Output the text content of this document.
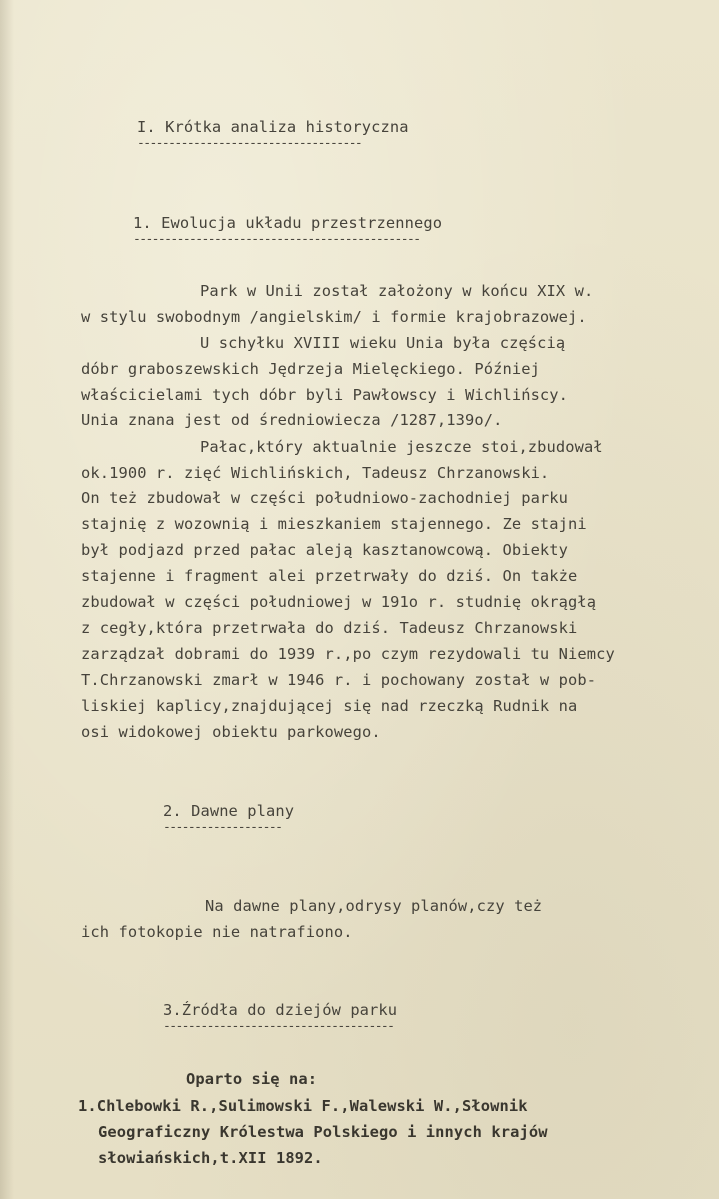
I. Krótka analiza historyczna
------------------------------------
1. Ewolucja układu przestrzennego
----------------------------------------------
Park w Unii został założony w końcu XIX w.
w stylu swobodnym /angielskim/ i formie krajobrazowej.
U schyłku XVIII wieku Unia była częścią
dóbr graboszewskich Jędrzeja Mielęckiego. Później
właścicielami tych dóbr byli Pawłowscy i Wichlińscy.
Unia znana jest od średniowiecza /1287,139o/.
Pałac,który aktualnie jeszcze stoi,zbudował
ok.1900 r. zięć Wichlińskich, Tadeusz Chrzanowski.
On też zbudował w części południowo-zachodniej parku
stajnię z wozownią i mieszkaniem stajennego. Ze stajni
był podjazd przed pałac aleją kasztanowcową. Obiekty
stajenne i fragment alei przetrwały do dziś. On także
zbudował w części południowej w 191o r. studnię okrągłą
z cegły,która przetrwała do dziś. Tadeusz Chrzanowski
zarządzał dobrami do 1939 r.,po czym rezydowali tu Niemcy
T.Chrzanowski zmarł w 1946 r. i pochowany został w pob-
liskiej kaplicy,znajdującej się nad rzeczką Rudnik na
osi widokowej obiektu parkowego.
2. Dawne plany
-------------------
Na dawne plany,odrysy planów,czy też
ich fotokopie nie natrafiono.
3.Źródła do dziejów parku
-------------------------------------
Oparto się na:
1.Chlebowki R.,Sulimowski F.,Walewski W.,Słownik
Geograficzny Królestwa Polskiego i innych krajów
słowiańskich,t.XII 1892.
